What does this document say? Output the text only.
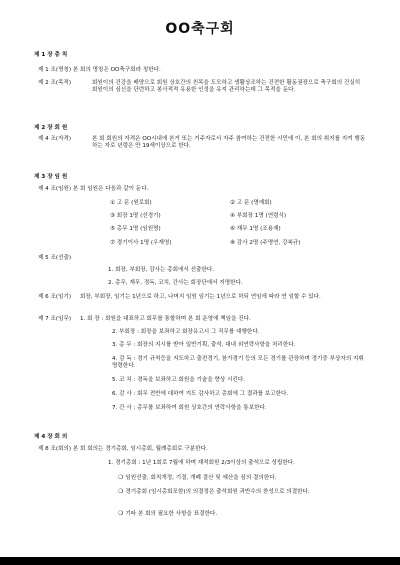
OO축구회
제 1 장 총 칙
제 1 조(명칭) 본 회의 명칭은 OO축구회라 칭한다.
제 2 조(목적)	회원이의 건강을 배양으로 회원 상호간의 친목을 도모하고 생활상조하는 건전한 활동권장으로 축구회의 건실히 회원이의 심신을 단련하고 봉사적적 유용한 인정을 유지 관리하는데 그 목적을 둔다.
제 2 장 회 원
제 4 조(자격)	본 회 회원의 자격은 OO시내에 본거 또는 거주자로서 자주 참여하는 건전한 시민에 이, 본 회의 취지를 지켜 행동하는 자로 년령은 만 19세이상으로 한다.
제 3 장 임 원
제 4 조(임원) 본 회 임원은 다음과 같이 둔다.
① 고 문 (원로회)	② 고 문 (명예회)
③ 회장 1명 (선경기)	④ 부회장 1명 (연령식)
⑤ 총무 1명 (임원명)	⑥ 재무 1명 (조용재)
⑦ 경기이사 1명 (우재영)	⑧ 감사 2명 (주명연, 강복규)
제 5 조(선출)
1. 회장, 부회장, 감사는 총회에서 선출한다.
2. 총무, 재무, 경독, 코치, 간사는 회장단에서 지명한다.
제 6 조(임기) 회장, 부회장, 임기는 1년으로 하고, 나머지 임원 임기는 1년으로 하되 연임에 따라 연 임할 수 있다.
제 7 조(임무) 1. 회 장 : 회원을 대표하고 회무를 통할하며 본 회 운영에 책임을 진다.
2. 부회장 : 회장을 보좌하고 회장유고시 그 직무를 대행한다.
3. 총 무 : 회장의 지시를 받아 일반기획, 출석, 대내 외연락사항을 처리한다.
4. 감 독 : 경기 규칙등을 지도하고 출전경기, 참가경기 등의 모든 경기를 관장하며 경기중 부상자의 지휘 명령한다.
5. 코 치 : 경독을 보좌하고 회원을 기술을 향상 시킨다.
6. 감 사 : 회무 전반에 대하여 지도 감사하고 총회에 그 결과를 보고한다.
7. 간 사 : 총무를 보좌하여 회원 상호간의 연락사항을 통보한다.
제 4 장 회 의
제 8 조(회의) 본 회 회의는 경기총회, 임시총회, 월례총회로 구분한다.
1. 경기총회 : 1년 1회로 7월에 하며 재적회원 2/3이상의 출석으로 성립한다.
❍ 임원선출, 회칙개정, 기결, 개폐 결산 및 예산을 심의 결의한다.
❍ 경기총회 (임시총회포함)의 의결정은 출석회원 과반수의 찬성으로 의결한다.
❍ 기타 본 회의 필요한 사항을 표결한다.
